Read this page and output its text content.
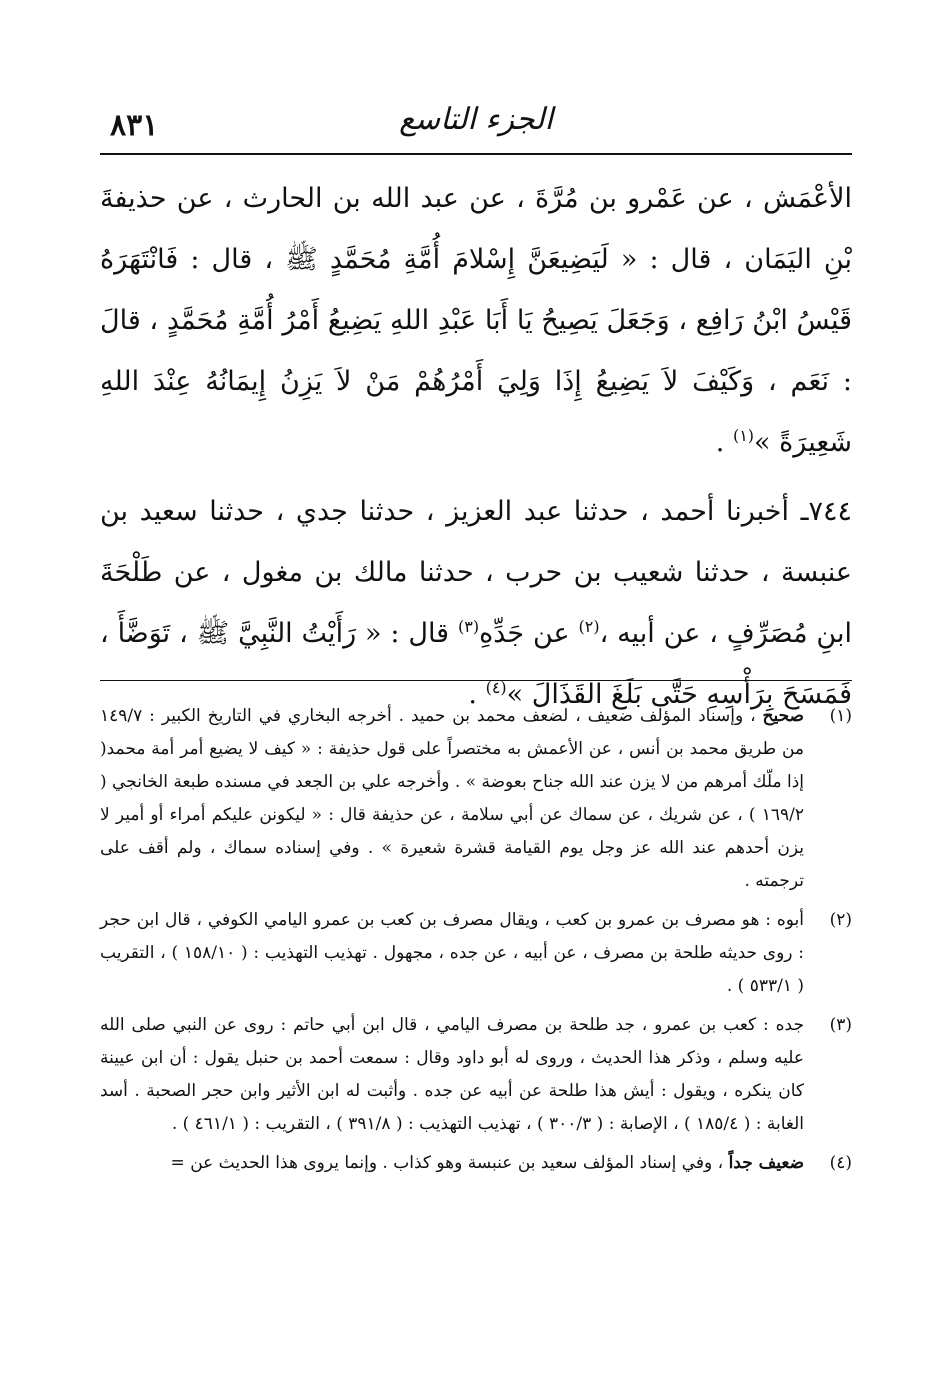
٨٣١	الجزء التاسع

الأعْمَش ، عن عَمْرو بن مُرَّةَ ، عن عبد الله بن الحارث ، عن حذيفةَ بْنِ اليَمَان ، قال : « لَيَضِيعَنَّ إِسْلامَ أُمَّةِ مُحَمَّدٍ ﷺ ، قال : فَانْتَهَرَهُ قَيْسُ ابْنُ رَافِع ، وَجَعَلَ يَصِيحُ يَا أَبَا عَبْدِ اللهِ يَضِيعُ أَمْرُ أُمَّةِ مُحَمَّدٍ ، قالَ : نَعَم ، وَكَيْفَ لاَ يَضِيعُ إِذَا وَلِيَ أَمْرُهُمْ مَنْ لاَ يَزِنُ إِيمَانُهُ عِنْدَ اللهِ شَعِيرَةً »$^{(١)}$ .

٧٤٤ـ أخبرنا أحمد ، حدثنا عبد العزيز ، حدثنا جدي ، حدثنا سعيد بن عنبسة ، حدثنا شعيب بن حرب ، حدثنا مالك بن مغول ، عن طَلْحَةَ ابنِ مُصَرِّفٍ ، عن أبيه ،$^{(٢)}$ عن جَدِّهِ$^{(٣)}$ قال : « رَأَيْتُ النَّبِيَّ ﷺ ، تَوَضَّأَ ، فَمَسَحَ بِرَأْسِهِ حَتَّى بَلَغَ القَذَالَ »$^{(٤)}$ .

(١)
صحيح ، وإسناد المؤلف ضعيف ، لضعف محمد بن حميد . أخرجه البخاري في التاريخ الكبير : ١٤٩/٧ من طريق محمد بن أنس ، عن الأعمش به مختصراً على قول حذيفة : « كيف لا يضيع أمر أمة محمد( إذا ملّك أمرهم من لا يزن عند الله جناح بعوضة » . وأخرجه علي بن الجعد في مسنده طبعة الخانجي ( ١٦٩/٢ ) ، عن شريك ، عن سماك عن أبي سلامة ، عن حذيفة قال : « ليكونن عليكم أمراء أو أمير لا يزن أحدهم عند الله عز وجل يوم القيامة قشرة شعيرة » . وفي إسناده سماك ، ولم أقف على ترجمته .

(٢)
أبوه : هو مصرف بن عمرو بن كعب ، ويقال مصرف بن كعب بن عمرو اليامي الكوفي ، قال ابن حجر : روى حديثه طلحة بن مصرف ، عن أبيه ، عن جده ، مجهول . تهذيب التهذيب : ( ١٥٨/١٠ ) ، التقريب ( ٥٣٣/١ ) .

(٣)
جده : كعب بن عمرو ، جد طلحة بن مصرف اليامي ، قال ابن أبي حاتم : روى عن النبي صلى الله عليه وسلم ، وذكر هذا الحديث ، وروى له أبو داود وقال : سمعت أحمد بن حنبل يقول : أن ابن عيينة كان ينكره ، ويقول : أيش هذا طلحة عن أبيه عن جده . وأثبت له ابن الأثير وابن حجر الصحبة . أسد الغابة : ( ١٨٥/٤ ) ، الإصابة : ( ٣٠٠/٣ ) ، تهذيب التهذيب : ( ٣٩١/٨ ) ، التقريب : ( ٤٦١/١ ) .

(٤)
ضعيف جداً ، وفي إسناد المؤلف سعيد بن عنبسة وهو كذاب . وإنما يروى هذا الحديث عن =
